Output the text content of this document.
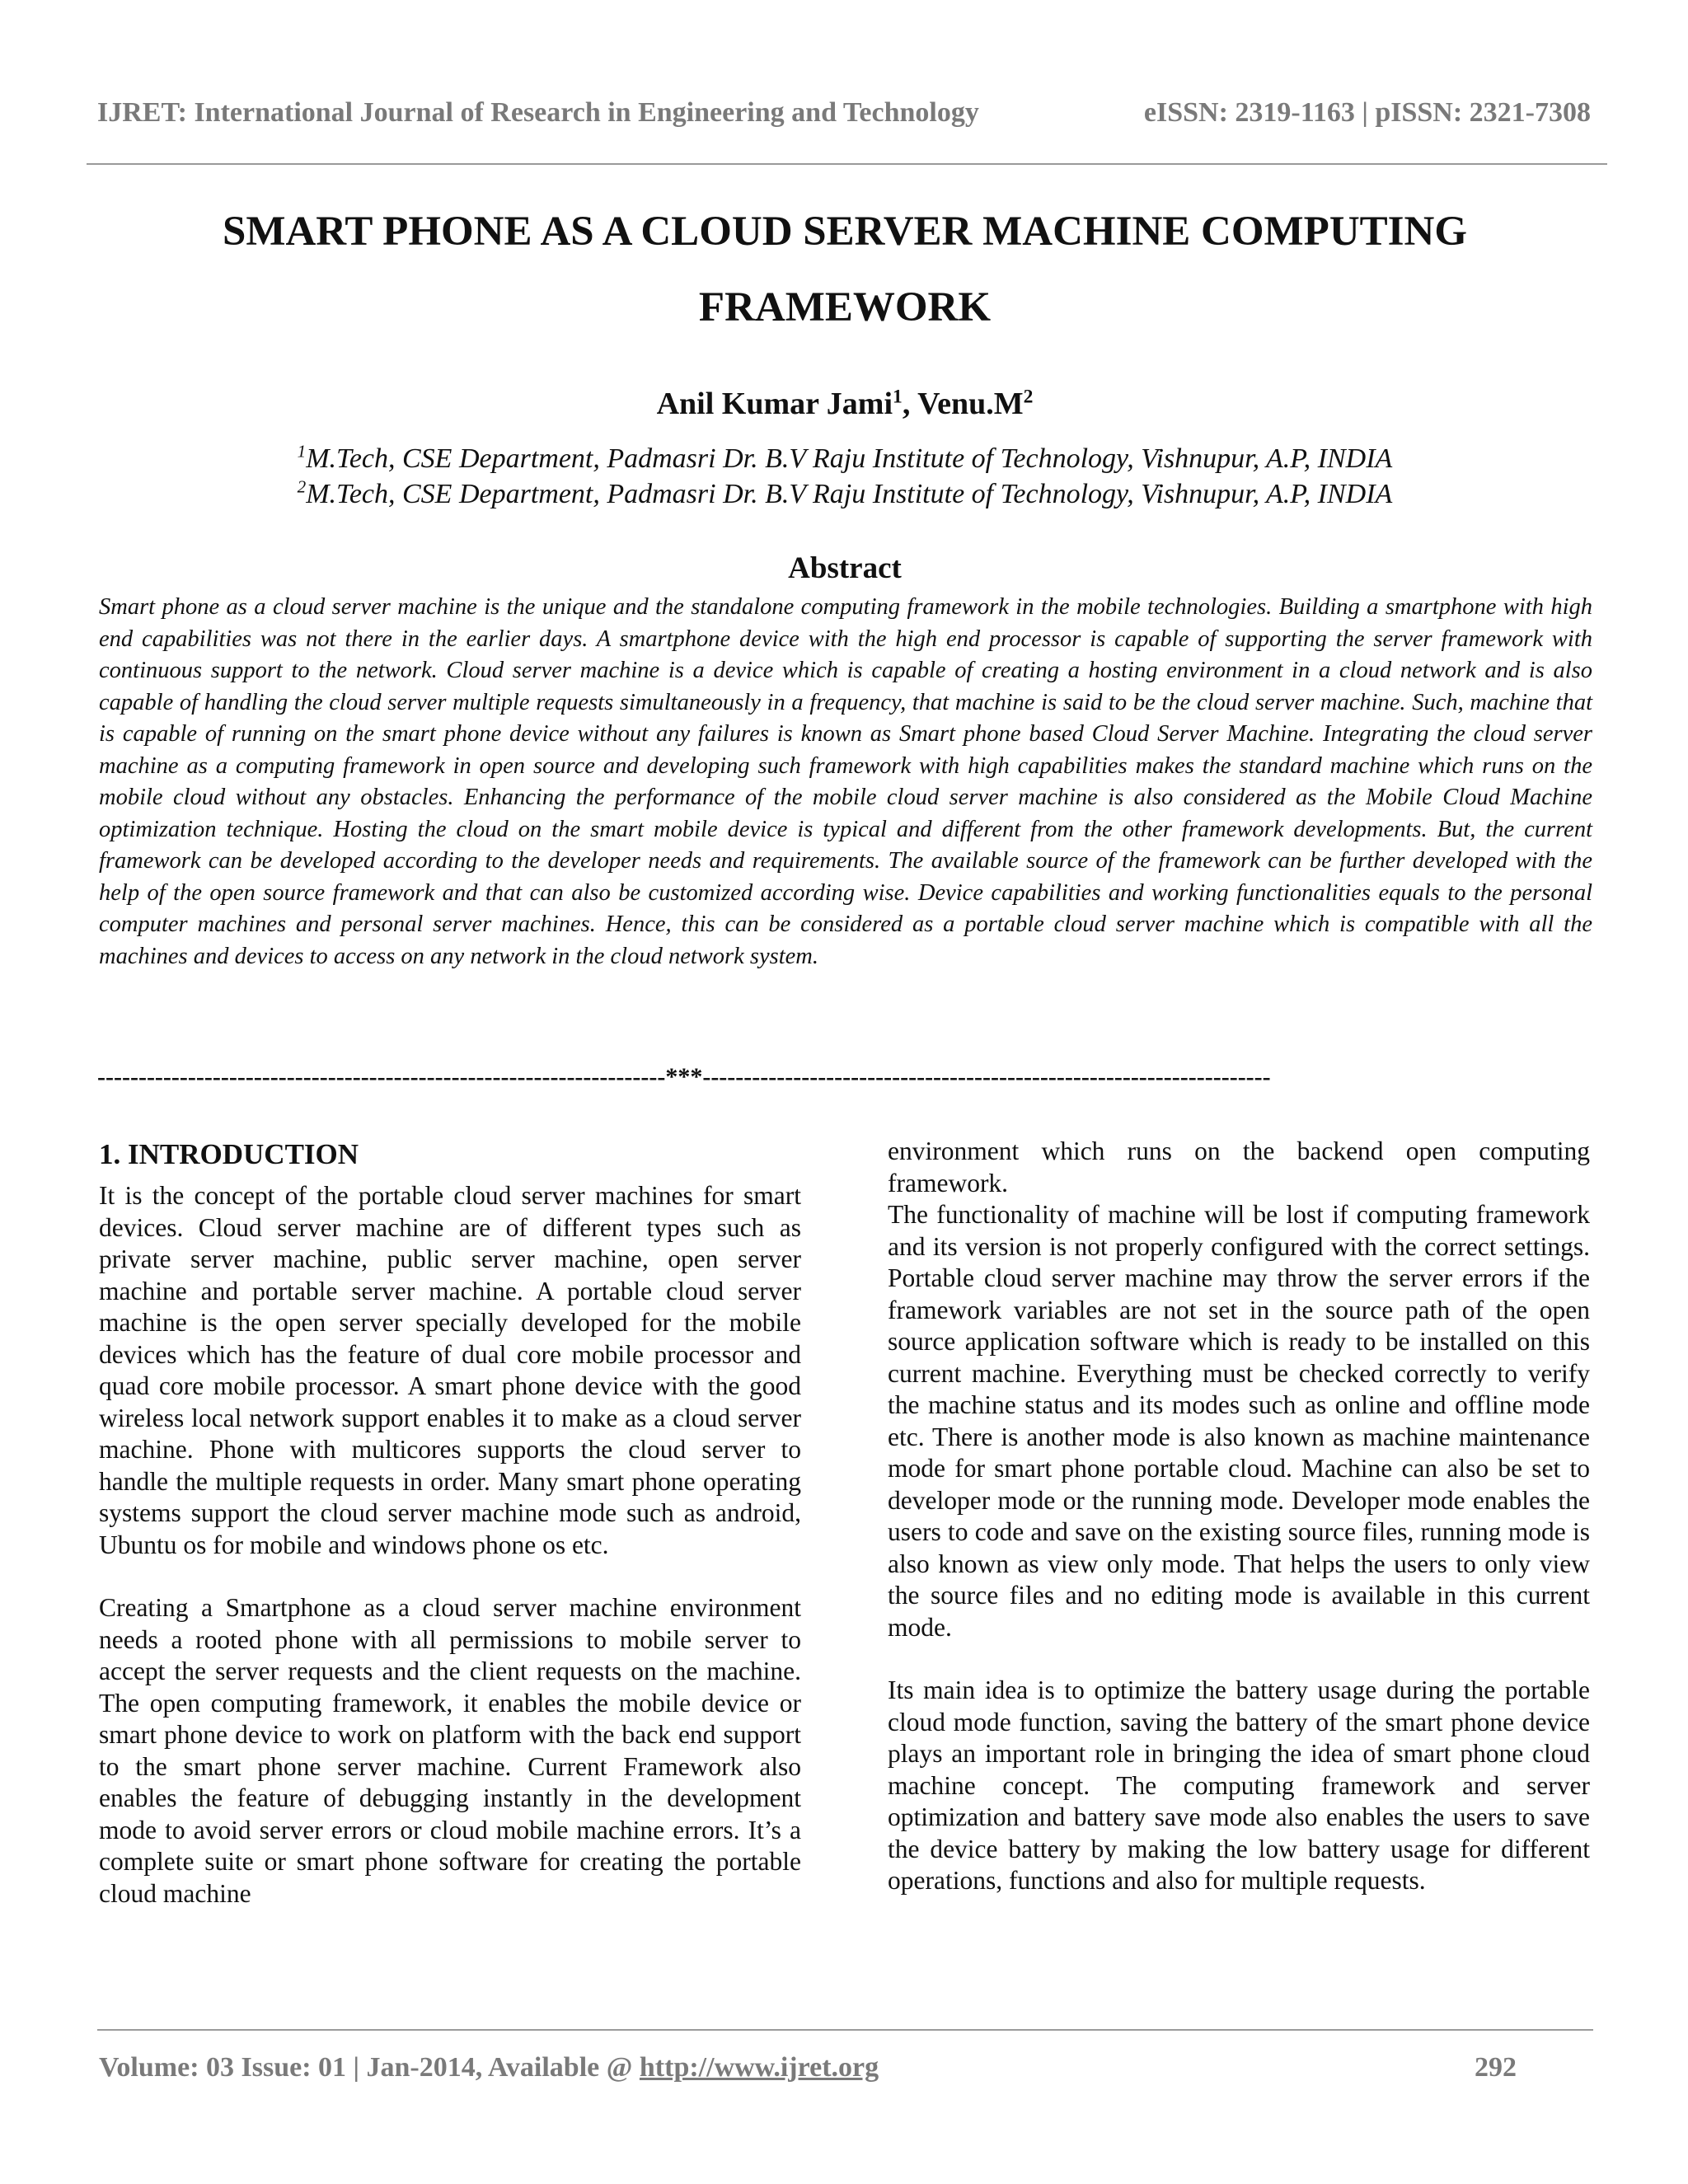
IJRET: International Journal of Research in Engineering and Technology	eISSN: 2319-1163 | pISSN: 2321-7308
SMART PHONE AS A CLOUD SERVER MACHINE COMPUTING
FRAMEWORK
Anil Kumar Jami$^1$, $Venu.M^2$
$^1$M.Tech, CSE Department, Padmasri Dr. B.V Raju Institute of Technology, Vishnupur, A.P, INDIA
$^2$M.Tech, CSE Department, Padmasri Dr. B.V Raju Institute of Technology, Vishnupur, A.P, INDIA
Abstract
Smart phone as a cloud server machine is the unique and the standalone computing framework in the mobile technologies. Building a smartphone with high end capabilities was not there in the earlier days. A smartphone device with the high end processor is capable of supporting the server framework with continuous support to the network. Cloud server machine is a device which is capable of creating a hosting environment in a cloud network and is also capable of handling the cloud server multiple requests simultaneously in a frequency, that machine is said to be the cloud server machine. Such, machine that is capable of running on the smart phone device without any failures is known as Smart phone based Cloud Server Machine. Integrating the cloud server machine as a computing framework in open source and developing such framework with high capabilities makes the standard machine which runs on the mobile cloud without any obstacles. Enhancing the performance of the mobile cloud server machine is also considered as the Mobile Cloud Machine optimization technique. Hosting the cloud on the smart mobile device is typical and different from the other framework developments. But, the current framework can be developed according to the developer needs and requirements. The available source of the framework can be further developed with the help of the open source framework and that can also be customized according wise. Device capabilities and working functionalities equals to the personal computer machines and personal server machines. Hence, this can be considered as a portable cloud server machine which is compatible with all the machines and devices to access on any network in the cloud network system.
---------------------------------------------------------------------***---------------------------------------------------------------------
1. INTRODUCTION

It is the concept of the portable cloud server machines for smart devices. Cloud server machine are of different types such as private server machine, public server machine, open server machine and portable server machine. A portable cloud server machine is the open server specially developed for the mobile devices which has the feature of dual core mobile processor and quad core mobile processor. A smart phone device with the good wireless local network support enables it to make as a cloud server machine. Phone with multicores supports the cloud server to handle the multiple requests in order. Many smart phone operating systems support the cloud server machine mode such as android, Ubuntu os for mobile and windows phone os etc.

Creating a Smartphone as a cloud server machine environment needs a rooted phone with all permissions to mobile server to accept the server requests and the client requests on the machine. The open computing framework, it enables the mobile device or smart phone device to work on platform with the back end support to the smart phone server machine. Current Framework also enables the feature of debugging instantly in the development mode to avoid server errors or cloud mobile machine errors. It’s a complete suite or smart phone software for creating the portable cloud machine

environment which runs on the backend open computing framework.

The functionality of machine will be lost if computing framework and its version is not properly configured with the correct settings. Portable cloud server machine may throw the server errors if the framework variables are not set in the source path of the open source application software which is ready to be installed on this current machine. Everything must be checked correctly to verify the machine status and its modes such as online and offline mode etc. There is another mode is also known as machine maintenance mode for smart phone portable cloud. Machine can also be set to developer mode or the running mode. Developer mode enables the users to code and save on the existing source files, running mode is also known as view only mode. That helps the users to only view the source files and no editing mode is available in this current mode.

Its main idea is to optimize the battery usage during the portable cloud mode function, saving the battery of the smart phone device plays an important role in bringing the idea of smart phone cloud machine concept. The computing framework and server optimization and battery save mode also enables the users to save the device battery by making the low battery usage for different operations, functions and also for multiple requests.

Volume: 03 Issue: 01 | Jan-2014, Available @ http://www.ijret.org	292
